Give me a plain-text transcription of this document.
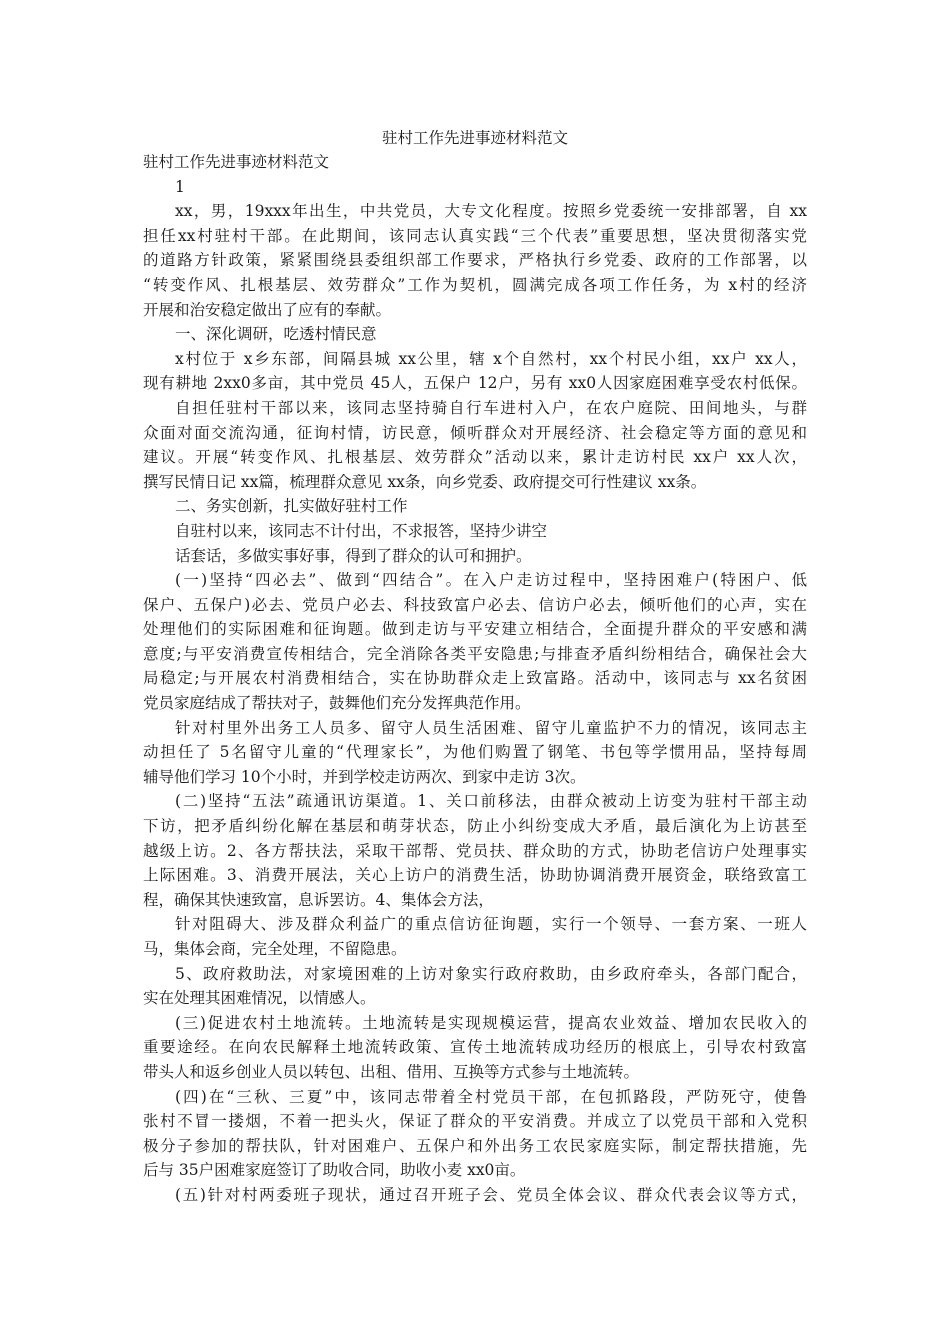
驻村工作先进事迹材料范文
驻村工作先进事迹材料范文
1
xx，男，19xxx年出生，中共党员，大专文化程度。按照乡党委统一安排部署，自 xx
担任xx村驻村干部。在此期间，该同志认真实践“三个代表”重要思想，坚决贯彻落实党
的道路方针政策，紧紧围绕县委组织部工作要求，严格执行乡党委、政府的工作部署，以
“转变作风、扎根基层、效劳群众”工作为契机，圆满完成各项工作任务，为 x村的经济
开展和治安稳定做出了应有的奉献。
一、深化调研，吃透村情民意
x村位于 x乡东部，间隔县城 xx公里，辖 x个自然村，xx个村民小组，xx户 xx人，
现有耕地 2xx0多亩，其中党员 45人，五保户 12户，另有 xx0人因家庭困难享受农村低保。
自担任驻村干部以来，该同志坚持骑自行车进村入户，在农户庭院、田间地头，与群
众面对面交流沟通，征询村情，访民意，倾听群众对开展经济、社会稳定等方面的意见和
建议。开展“转变作风、扎根基层、效劳群众”活动以来，累计走访村民 xx户 xx人次，
撰写民情日记 xx篇，梳理群众意见 xx条，向乡党委、政府提交可行性建议 xx条。
二、务实创新，扎实做好驻村工作
自驻村以来，该同志不计付出，不求报答，坚持少讲空
话套话，多做实事好事，得到了群众的认可和拥护。
(一)坚持“四必去”、做到“四结合”。在入户走访过程中，坚持困难户(特困户、低
保户、五保户)必去、党员户必去、科技致富户必去、信访户必去，倾听他们的心声，实在
处理他们的实际困难和征询题。做到走访与平安建立相结合，全面提升群众的平安感和满
意度;与平安消费宣传相结合，完全消除各类平安隐患;与排查矛盾纠纷相结合，确保社会大
局稳定;与开展农村消费相结合，实在协助群众走上致富路。活动中，该同志与 xx名贫困
党员家庭结成了帮扶对子，鼓舞他们充分发挥典范作用。
针对村里外出务工人员多、留守人员生活困难、留守儿童监护不力的情况，该同志主
动担任了 5名留守儿童的“代理家长”，为他们购置了钢笔、书包等学惯用品，坚持每周
辅导他们学习 10个小时，并到学校走访两次、到家中走访 3次。
(二)坚持“五法”疏通讯访渠道。1、关口前移法，由群众被动上访变为驻村干部主动
下访，把矛盾纠纷化解在基层和萌芽状态，防止小纠纷变成大矛盾，最后演化为上访甚至
越级上访。2、各方帮扶法，采取干部帮、党员扶、群众助的方式，协助老信访户处理事实
上际困难。3、消费开展法，关心上访户的消费生活，协助协调消费开展资金，联络致富工
程，确保其快速致富，息诉罢访。4、集体会方法，
针对阻碍大、涉及群众利益广的重点信访征询题，实行一个领导、一套方案、一班人
马，集体会商，完全处理，不留隐患。
5、政府救助法，对家境困难的上访对象实行政府救助，由乡政府牵头，各部门配合，
实在处理其困难情况，以情感人。
(三)促进农村土地流转。土地流转是实现规模运营，提高农业效益、增加农民收入的
重要途经。在向农民解释土地流转政策、宣传土地流转成功经历的根底上，引导农村致富
带头人和返乡创业人员以转包、出租、借用、互换等方式参与土地流转。
(四)在“三秋、三夏”中，该同志带着全村党员干部，在包抓路段，严防死守，使鲁
张村不冒一搂烟，不着一把头火，保证了群众的平安消费。并成立了以党员干部和入党积
极分子参加的帮扶队，针对困难户、五保户和外出务工农民家庭实际，制定帮扶措施，先
后与 35户困难家庭签订了助收合同，助收小麦 xx0亩。
(五)针对村两委班子现状，通过召开班子会、党员全体会议、群众代表会议等方式，
